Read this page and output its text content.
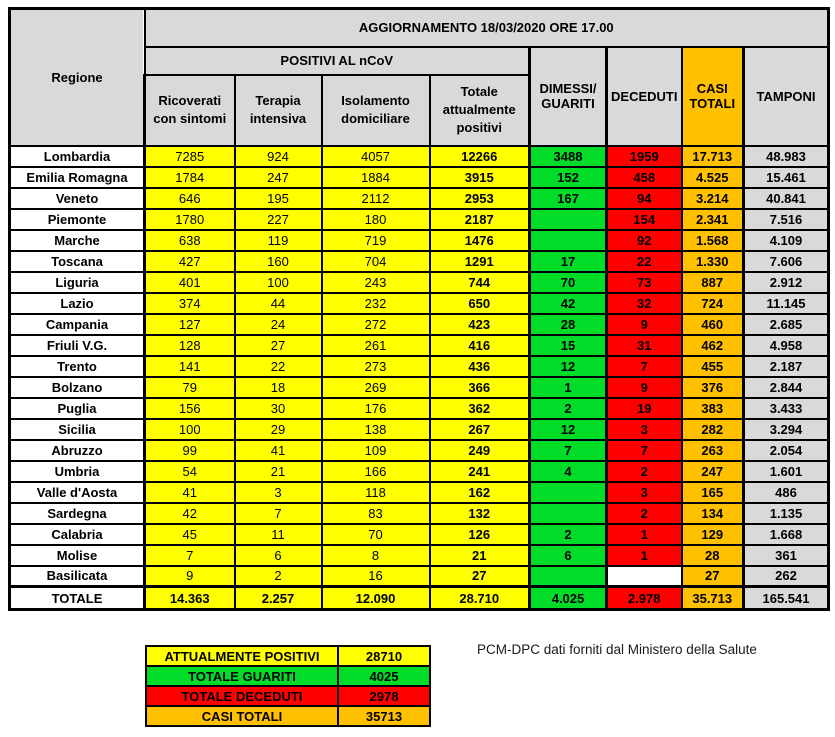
Regione	AGGIORNAMENTO 18/03/2020 ORE 17.00							
	POSITIVI AL nCoV				DIMESSI/ GUARITI	DECEDUTI	CASI TOTALI	TAMPONI
	Ricoverati con sintomi	Terapia intensiva	Isolamento domiciliare	Totale attualmente positivi				
Lombardia	7285	924	4057	12266	3488	1959	17.713	48.983
Emilia Romagna	1784	247	1884	3915	152	458	4.525	15.461
Veneto	646	195	2112	2953	167	94	3.214	40.841
Piemonte	1780	227	180	2187		154	2.341	7.516
Marche	638	119	719	1476		92	1.568	4.109
Toscana	427	160	704	1291	17	22	1.330	7.606
Liguria	401	100	243	744	70	73	887	2.912
Lazio	374	44	232	650	42	32	724	11.145
Campania	127	24	272	423	28	9	460	2.685
Friuli V.G.	128	27	261	416	15	31	462	4.958
Trento	141	22	273	436	12	7	455	2.187
Bolzano	79	18	269	366	1	9	376	2.844
Puglia	156	30	176	362	2	19	383	3.433
Sicilia	100	29	138	267	12	3	282	3.294
Abruzzo	99	41	109	249	7	7	263	2.054
Umbria	54	21	166	241	4	2	247	1.601
Valle d'Aosta	41	3	118	162		3	165	486
Sardegna	42	7	83	132		2	134	1.135
Calabria	45	11	70	126	2	1	129	1.668
Molise	7	6	8	21	6	1	28	361
Basilicata	9	2	16	27			27	262
TOTALE	14.363	2.257	12.090	28.710	4.025	2.978	35.713	165.541
ATTUALMENTE POSITIVI	28710
TOTALE GUARITI	4025
TOTALE DECEDUTI	2978
CASI TOTALI	35713
PCM-DPC dati forniti dal Ministero della Salute
